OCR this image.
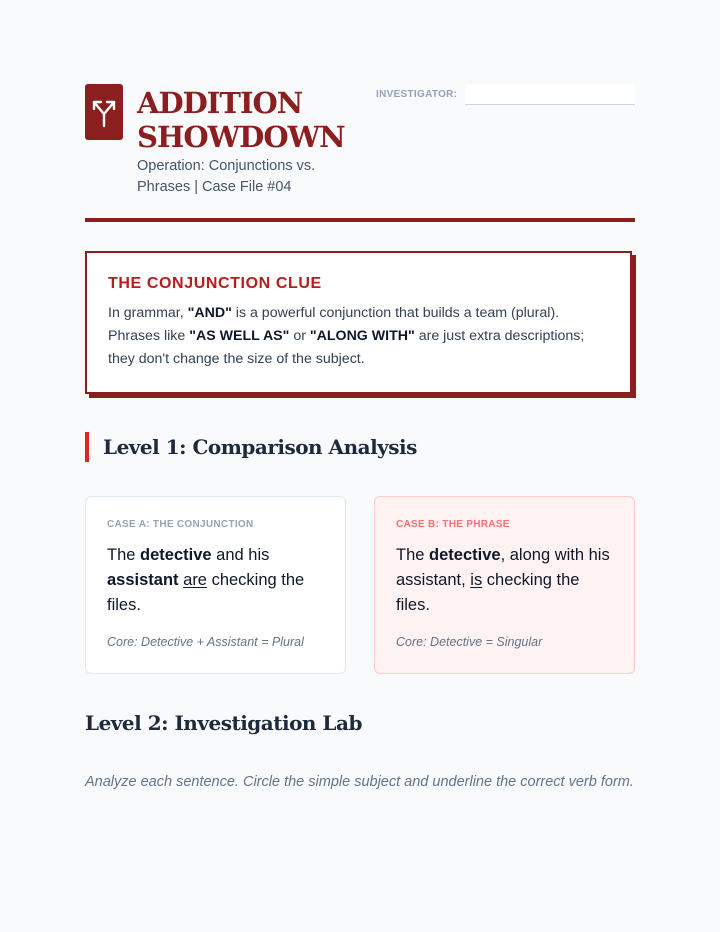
ADDITION
SHOWDOWN

Operation: Conjunctions vs.
Phrases | Case File #04

INVESTIGATOR:
THE CONJUNCTION CLUE

In grammar, "AND" is a powerful conjunction that builds a team (plural). Phrases like "AS WELL AS" or "ALONG WITH" are just extra descriptions; they don't change the size of the subject.

Level 1: Comparison Analysis

CASE A: THE CONJUNCTION

The detective and his assistant are checking the files.

Core: Detective + Assistant = Plural

CASE B: THE PHRASE

The detective, along with his assistant, is checking the files.

Core: Detective = Singular

Level 2: Investigation Lab

Analyze each sentence. Circle the simple subject and underline the correct verb form.
